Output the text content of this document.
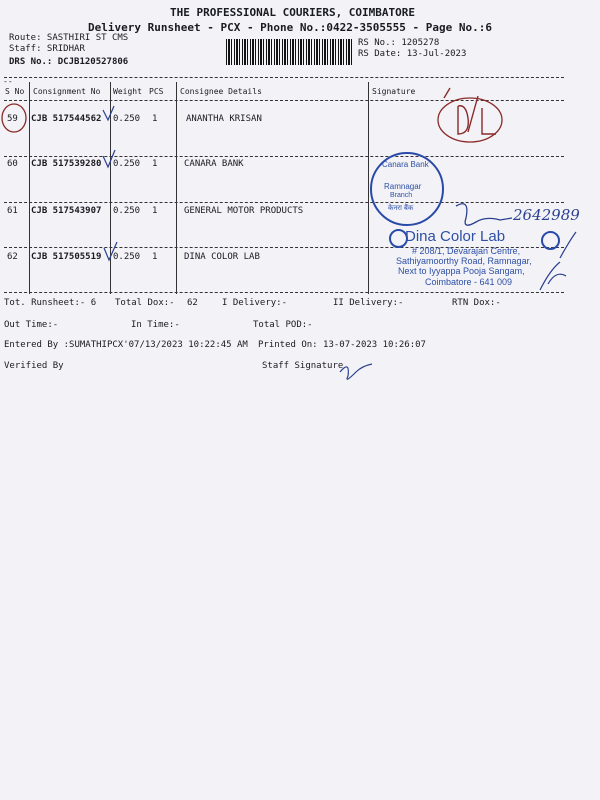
THE PROFESSIONAL COURIERS, COIMBATORE
Delivery Runsheet - PCX - Phone No.:0422-3505555 - Page No.:6
Route: SASTHIRI ST CMS
Staff: SRIDHAR
DRS No.: DCJB120527806
RS No.: 1205278
RS Date: 13-Jul-2023
--
S No Consignment No Weight PCS Consignee Details	Signature
59 CJB 517544562 0.250 1	ANANTHA KRISAN
60 CJB 517539280 0.250 1	CANARA BANK
61 CJB 517543907 0.250 1	GENERAL MOTOR PRODUCTS
62 CJB 517505519 0.250 1	DINA COLOR LAB
Tot. Runsheet:- 6 Total Dox:- 62	I Delivery:-	II Delivery:-	RTN Dox:-
Out Time:-	In Time:-	Total POD:-
Entered By :SUMATHIPCX'07/13/2023 10:22:45 AM Printed On: 13-07-2023 10:26:07
Verified By	Staff Signature
2642989
Canara Bank
Ramnagar
Branch
केनरा बैंक
Dina Color Lab
# 208/1, Devarajan Centre,
Sathiyamoorthy Road, Ramnagar,
Next to Iyyappa Pooja Sangam,
Coimbatore - 641 009
